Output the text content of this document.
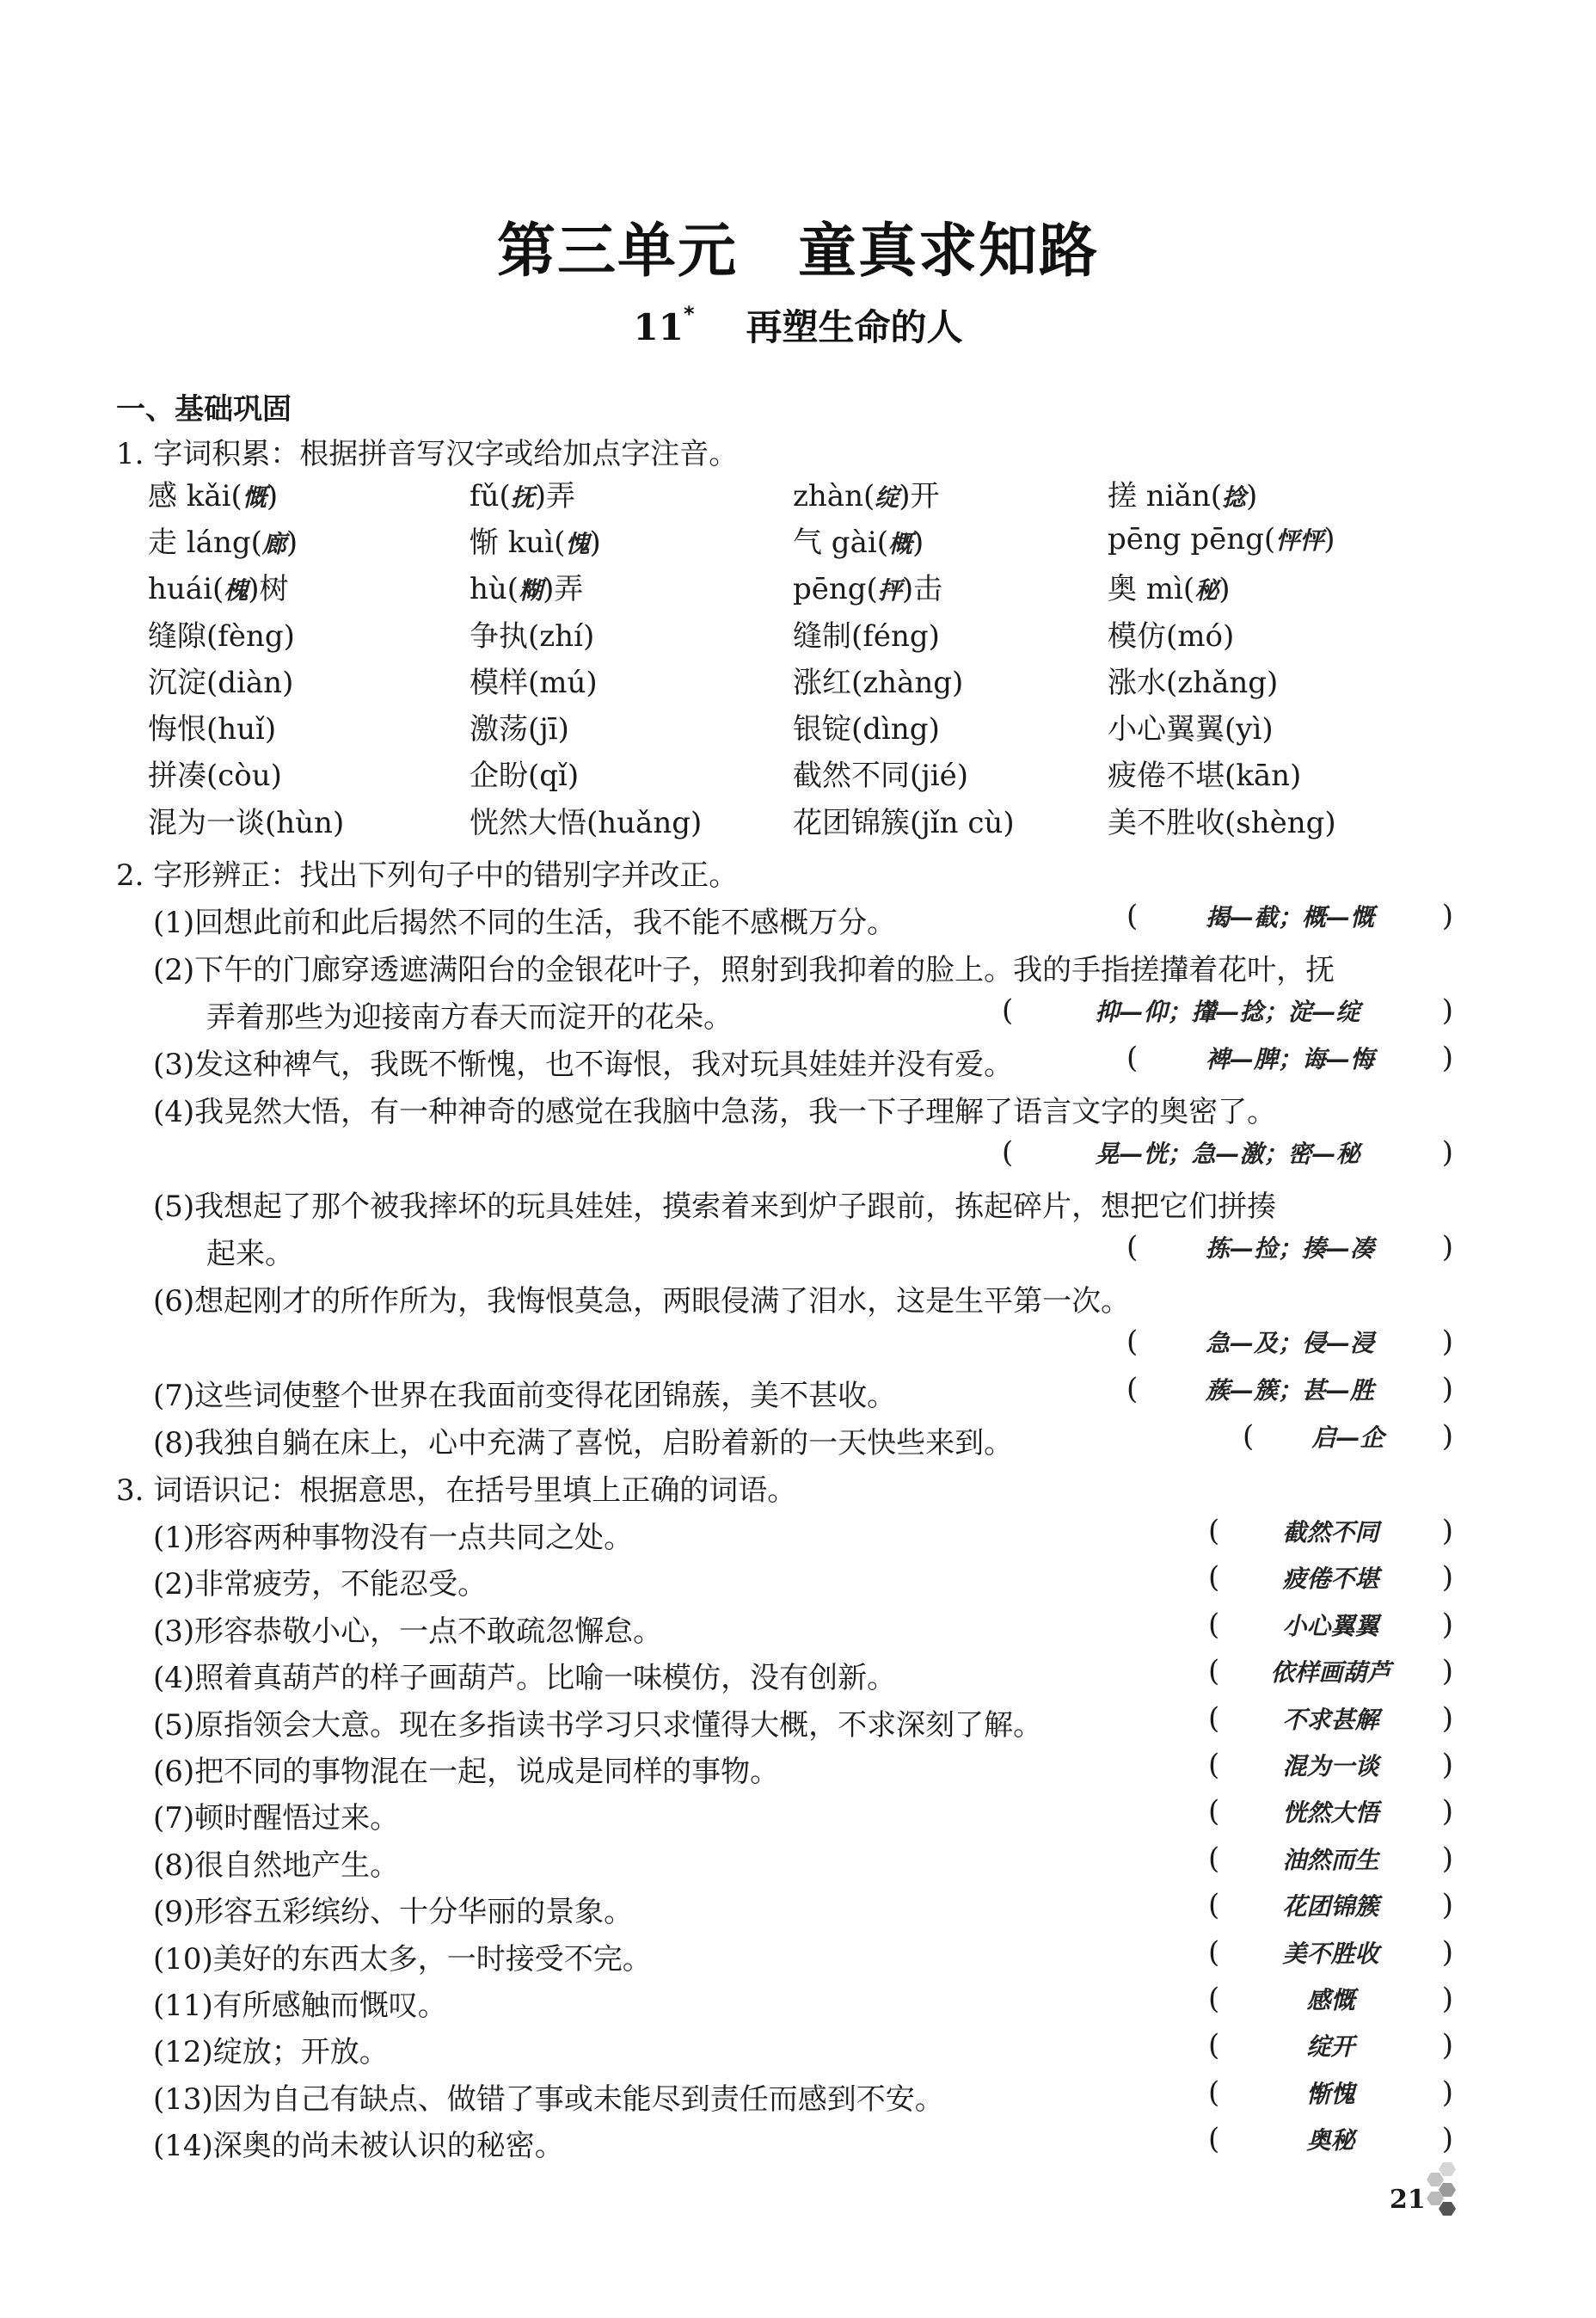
第三单元　童真求知路
11* 再塑生命的人
一、基础巩固
1. 字词积累：根据拼音写汉字或给加点字注音。
感 kǎi(慨)	fǔ(抚)弄	zhàn(绽)开	搓 niǎn(捻)
走 láng(廊)	惭 kuì(愧)	气 gài(概)	pēng pēng(怦怦)
huái(槐)树	hù(糊)弄	pēng(抨)击	奥 mì(秘)
缝隙(fèng)	争执(zhí)	缝制(féng)	模仿(mó)
沉淀(diàn)	模样(mú)	涨红(zhàng)	涨水(zhǎng)
悔恨(huǐ)	激荡(jī)	银锭(dìng)	小心翼翼(yì)
拼凑(còu)	企盼(qǐ)	截然不同(jié)	疲倦不堪(kān)
混为一谈(hùn)	恍然大悟(huǎng)	花团锦簇(jǐn cù)	美不胜收(shèng)
2. 字形辨正：找出下列句子中的错别字并改正。
(1)回想此前和此后揭然不同的生活，我不能不感概万分。	(	揭—截；概—慨	)
(2)下午的门廊穿透遮满阳台的金银花叶子，照射到我抑着的脸上。我的手指搓攆着花叶，抚
弄着那些为迎接南方春天而淀开的花朵。	(	抑—仰；攆—捻；淀—绽	)
(3)发这种裨气，我既不惭愧，也不诲恨，我对玩具娃娃并没有爱。	(	裨—脾；诲—悔	)
(4)我晃然大悟，有一种神奇的感觉在我脑中急荡，我一下子理解了语言文字的奥密了。
(	晃—恍；急—激；密—秘	)
(5)我想起了那个被我摔坏的玩具娃娃，摸索着来到炉子跟前，拣起碎片，想把它们拼揍
起来。	(	拣—捡；揍—凑	)
(6)想起刚才的所作所为，我悔恨莫急，两眼侵满了泪水，这是生平第一次。
(	急—及；侵—浸	)
(7)这些词使整个世界在我面前变得花团锦蔟，美不甚收。	(	蔟—簇；甚—胜	)
(8)我独自躺在床上，心中充满了喜悦，启盼着新的一天快些来到。	(	启—企	)
3. 词语识记：根据意思，在括号里填上正确的词语。
(1)形容两种事物没有一点共同之处。	(	截然不同	)
(2)非常疲劳，不能忍受。	(	疲倦不堪	)
(3)形容恭敬小心，一点不敢疏忽懈怠。	(	小心翼翼	)
(4)照着真葫芦的样子画葫芦。比喻一味模仿，没有创新。	(	依样画葫芦	)
(5)原指领会大意。现在多指读书学习只求懂得大概，不求深刻了解。	(	不求甚解	)
(6)把不同的事物混在一起，说成是同样的事物。	(	混为一谈	)
(7)顿时醒悟过来。	(	恍然大悟	)
(8)很自然地产生。	(	油然而生	)
(9)形容五彩缤纷、十分华丽的景象。	(	花团锦簇	)
(10)美好的东西太多，一时接受不完。	(	美不胜收	)
(11)有所感触而慨叹。	(	感慨	)
(12)绽放；开放。	(	绽开	)
(13)因为自己有缺点、做错了事或未能尽到责任而感到不安。	(	惭愧	)
(14)深奥的尚未被认识的秘密。	(	奥秘	)
21
